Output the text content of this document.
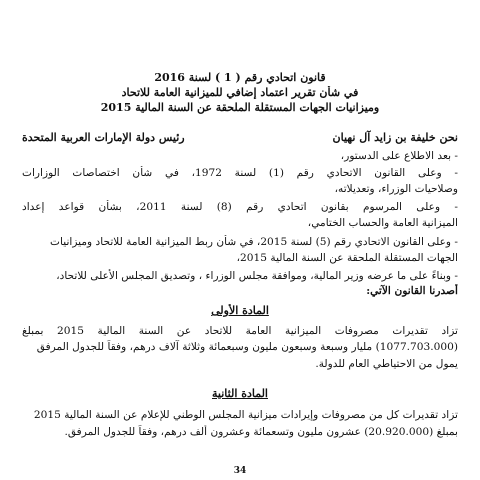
قانون اتحادي رقم ( 1 ) لسنة 2016
في شأن تقرير اعتماد إضافي للميزانية العامة للاتحاد
وميزانيات الجهات المستقلة الملحقة عن السنة المالية 2015
نحن خليفة بن زايد آل نهيان
رئيس دولة الإمارات العربية المتحدة
- بعد الاطلاع على الدستور،
- وعلى القانون الاتحادي رقم (1) لسنة 1972، في شأن اختصاصات الوزارات
وصلاحيات الوزراء، وتعديلاته،
- وعلى المرسوم بقانون اتحادي رقم (8) لسنة 2011، بشأن قواعد إعداد
الميزانية العامة والحساب الختامي،
- وعلى القانون الاتحادي رقم (5) لسنة 2015، في شأن ربط الميزانية العامة للاتحاد وميزانيات
الجهات المستقلة الملحقة عن السنة المالية 2015،
- وبناءً على ما عرضه وزير المالية، وموافقة مجلس الوزراء ، وتصديق المجلس الأعلى للاتحاد،
أصدرنا القانون الآتي:
المادة الأولى
تزاد تقديرات مصروفات الميزانية العامة للاتحاد عن السنة المالية 2015 بمبلغ
(1077.703.000) مليار وسبعة وسبعون مليون وسبعمائة وثلاثة آلاف درهم، وفقاً للجدول المرفق
يمول من الاحتياطي العام للدولة.
المادة الثانية
تزاد تقديرات كل من مصروفات وإيرادات ميزانية المجلس الوطني للإعلام عن السنة المالية 2015
بمبلغ (20.920.000) عشرون مليون وتسعمائة وعشرون ألف درهم، وفقاً للجدول المرفق.
34
